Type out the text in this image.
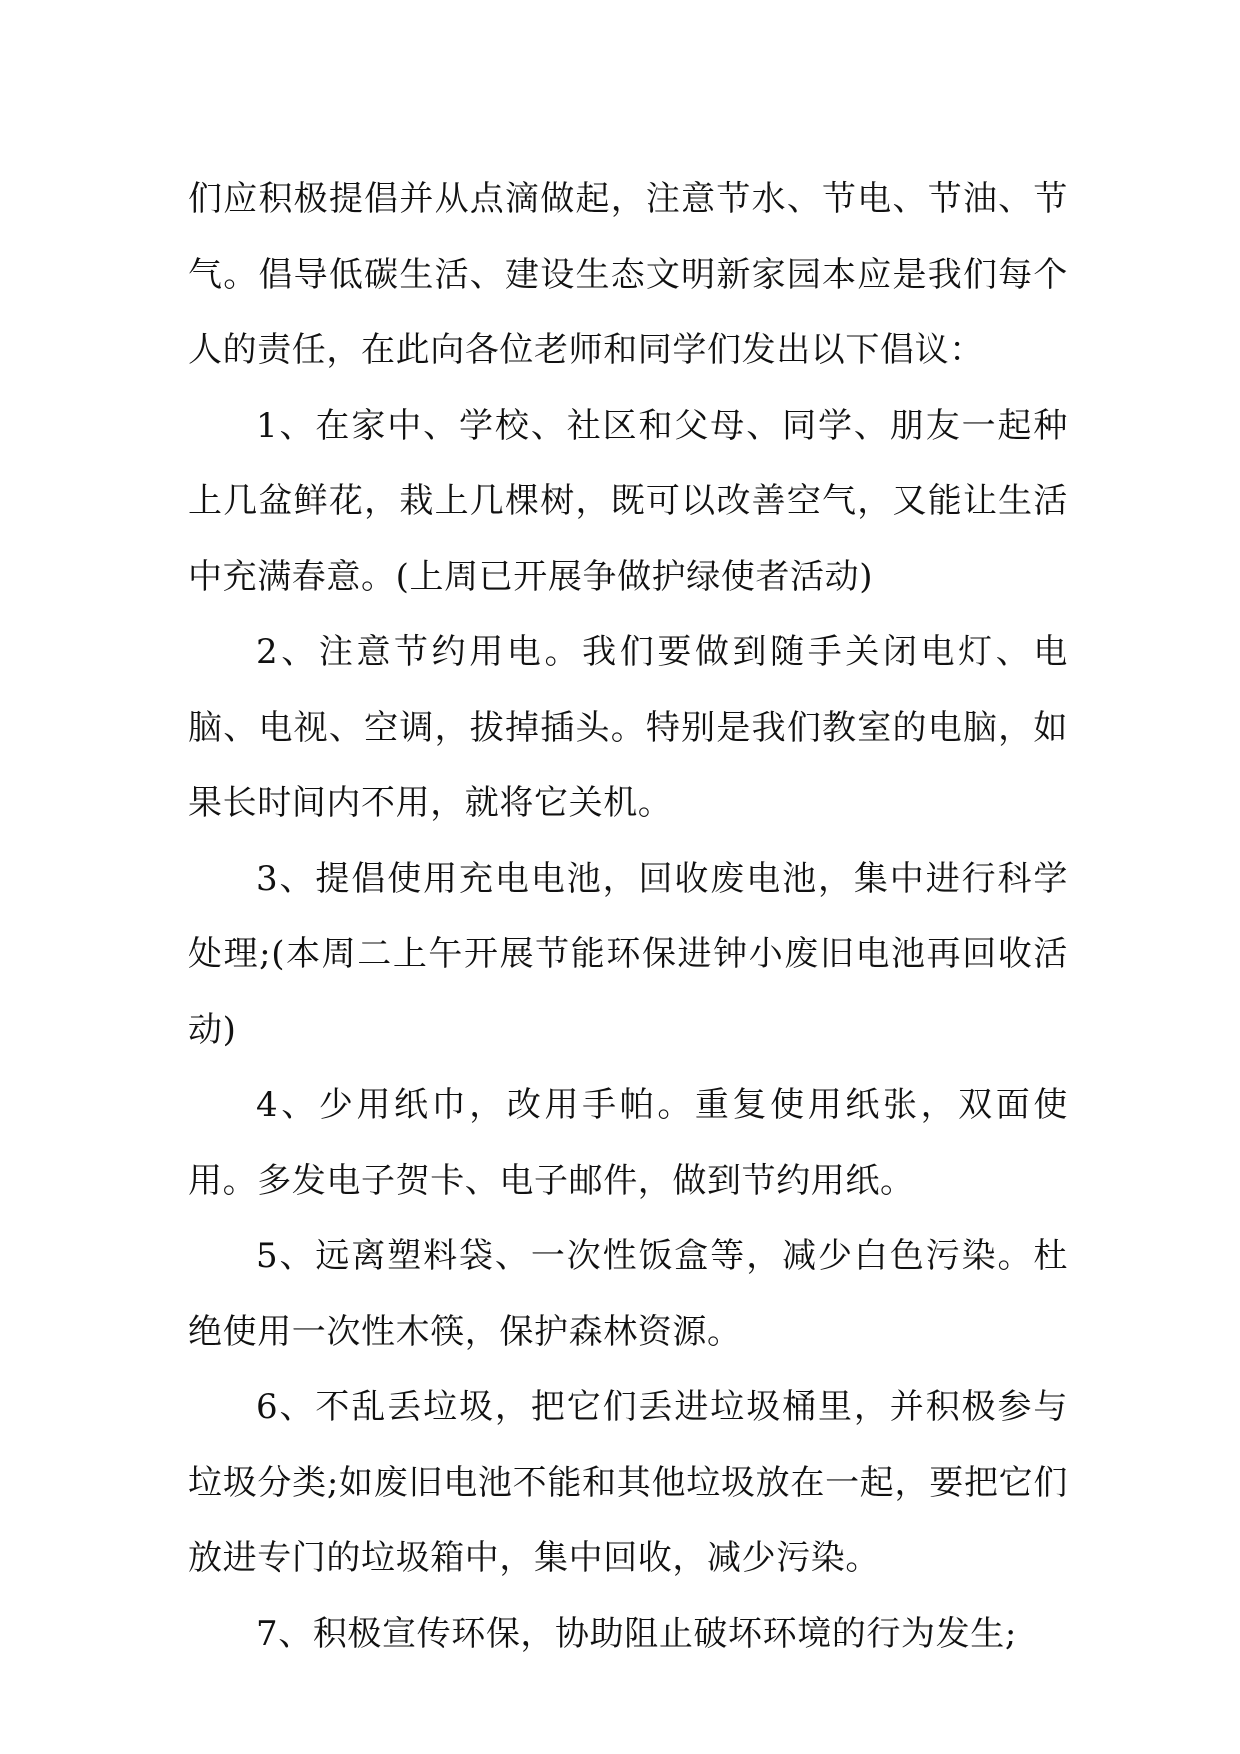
们应积极提倡并从点滴做起，注意节水、节电、节油、节气。倡导低碳生活、建设生态文明新家园本应是我们每个人的责任，在此向各位老师和同学们发出以下倡议：

1、在家中、学校、社区和父母、同学、朋友一起种上几盆鲜花，栽上几棵树，既可以改善空气，又能让生活中充满春意。(上周已开展争做护绿使者活动)

2、注意节约用电。我们要做到随手关闭电灯、电脑、电视、空调，拔掉插头。特别是我们教室的电脑，如果长时间内不用，就将它关机。

3、提倡使用充电电池，回收废电池，集中进行科学处理;(本周二上午开展节能环保进钟小废旧电池再回收活动)

4、少用纸巾，改用手帕。重复使用纸张，双面使用。多发电子贺卡、电子邮件，做到节约用纸。

5、远离塑料袋、一次性饭盒等，减少白色污染。杜绝使用一次性木筷，保护森林资源。

6、不乱丢垃圾，把它们丢进垃圾桶里，并积极参与垃圾分类;如废旧电池不能和其他垃圾放在一起，要把它们放进专门的垃圾箱中，集中回收，减少污染。

7、积极宣传环保，协助阻止破坏环境的行为发生;
